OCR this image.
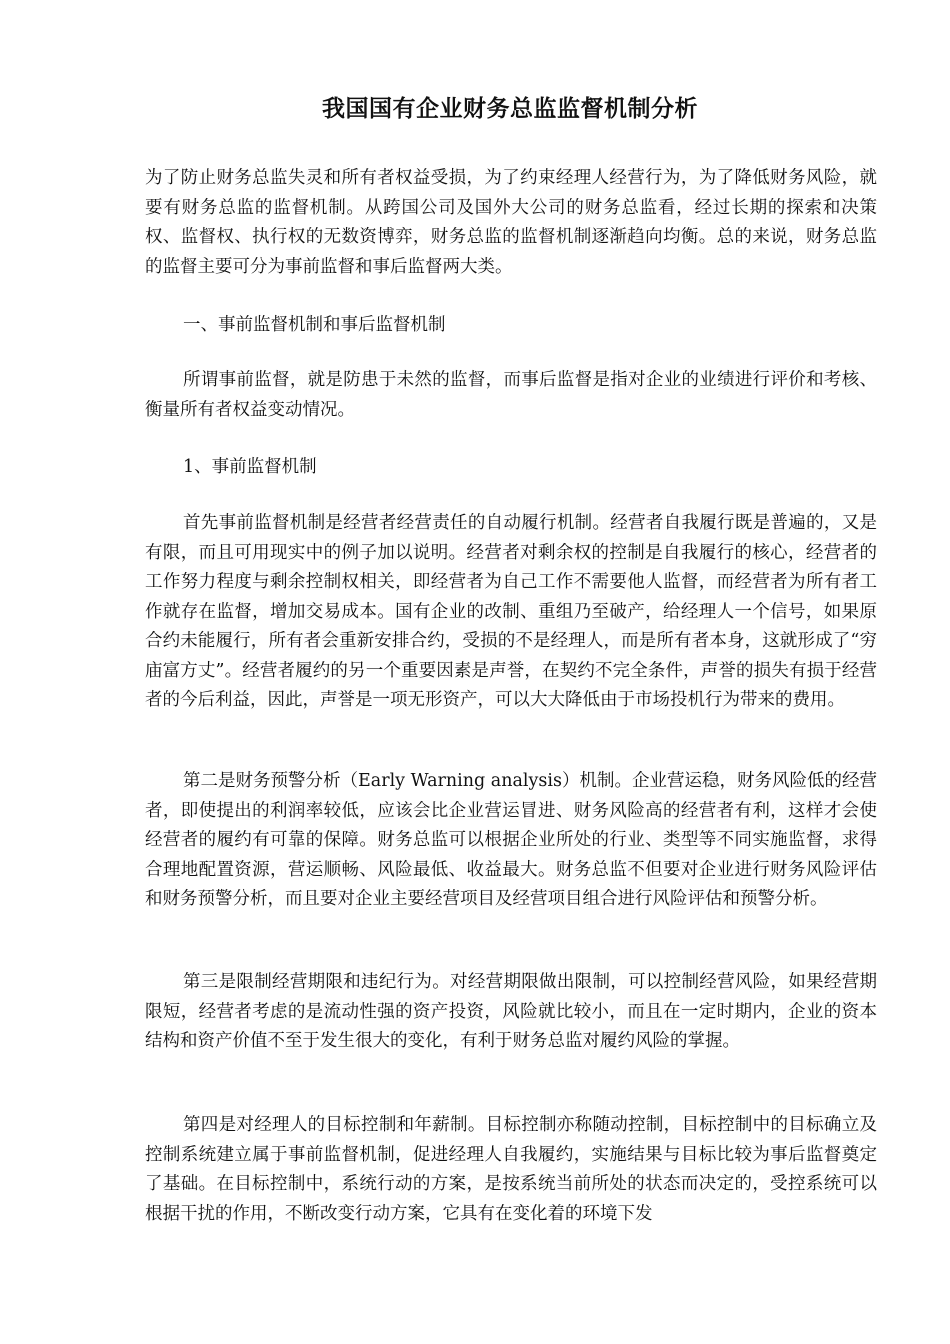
我国国有企业财务总监监督机制分析
为了防止财务总监失灵和所有者权益受损，为了约束经理人经营行为，为了降低财务风险，就要有财务总监的监督机制。从跨国公司及国外大公司的财务总监看，经过长期的探索和决策权、监督权、执行权的无数资博弈，财务总监的监督机制逐渐趋向均衡。总的来说，财务总监的监督主要可分为事前监督和事后监督两大类。
一、事前监督机制和事后监督机制
所谓事前监督，就是防患于未然的监督，而事后监督是指对企业的业绩进行评价和考核、衡量所有者权益变动情况。
1、事前监督机制
首先事前监督机制是经营者经营责任的自动履行机制。经营者自我履行既是普遍的，又是有限，而且可用现实中的例子加以说明。经营者对剩余权的控制是自我履行的核心，经营者的工作努力程度与剩余控制权相关，即经营者为自己工作不需要他人监督，而经营者为所有者工作就存在监督，增加交易成本。国有企业的改制、重组乃至破产，给经理人一个信号，如果原合约未能履行，所有者会重新安排合约，受损的不是经理人，而是所有者本身，这就形成了“穷庙富方丈”。经营者履约的另一个重要因素是声誉，在契约不完全条件，声誉的损失有损于经营者的今后利益，因此，声誉是一项无形资产，可以大大降低由于市场投机行为带来的费用。
第二是财务预警分析（Early Warning analysis）机制。企业营运稳，财务风险低的经营者，即使提出的利润率较低，应该会比企业营运冒进、财务风险高的经营者有利，这样才会使经营者的履约有可靠的保障。财务总监可以根据企业所处的行业、类型等不同实施监督，求得合理地配置资源，营运顺畅、风险最低、收益最大。财务总监不但要对企业进行财务风险评估和财务预警分析，而且要对企业主要经营项目及经营项目组合进行风险评估和预警分析。
第三是限制经营期限和违纪行为。对经营期限做出限制，可以控制经营风险，如果经营期限短，经营者考虑的是流动性强的资产投资，风险就比较小，而且在一定时期内，企业的资本结构和资产价值不至于发生很大的变化，有利于财务总监对履约风险的掌握。
第四是对经理人的目标控制和年薪制。目标控制亦称随动控制，目标控制中的目标确立及控制系统建立属于事前监督机制，促进经理人自我履约，实施结果与目标比较为事后监督奠定了基础。在目标控制中，系统行动的方案，是按系统当前所处的状态而决定的，受控系统可以根据干扰的作用，不断改变行动方案，它具有在变化着的环境下发
